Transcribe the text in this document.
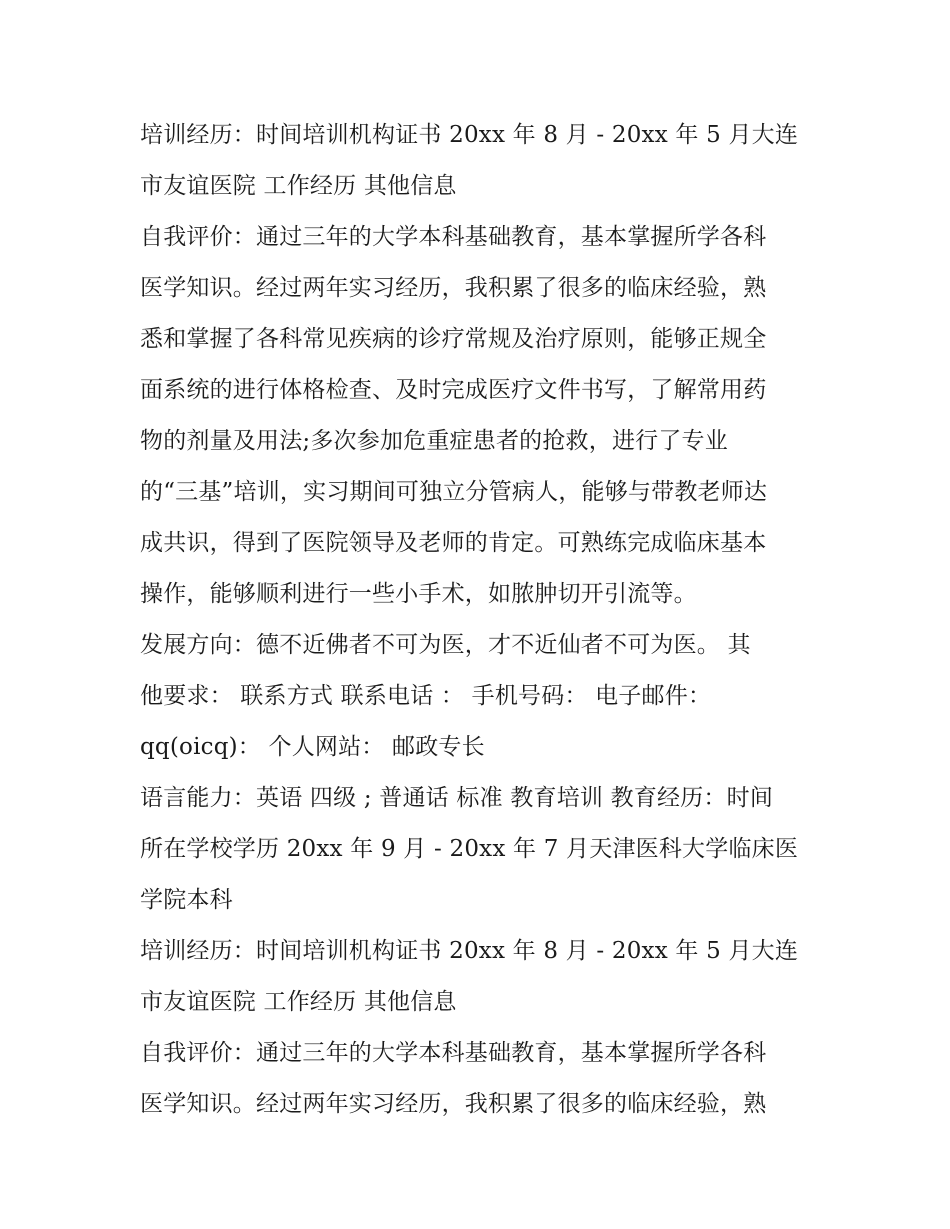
培训经历：时间培训机构证书 20xx 年 8 月 - 20xx 年 5 月大连
市友谊医院 工作经历 其他信息
自我评价：通过三年的大学本科基础教育，基本掌握所学各科
医学知识。经过两年实习经历，我积累了很多的临床经验，熟
悉和掌握了各科常见疾病的诊疗常规及治疗原则，能够正规全
面系统的进行体格检查、及时完成医疗文件书写，了解常用药
物的剂量及用法;多次参加危重症患者的抢救，进行了专业
的“三基”培训，实习期间可独立分管病人，能够与带教老师达
成共识，得到了医院领导及老师的肯定。可熟练完成临床基本
操作，能够顺利进行一些小手术，如脓肿切开引流等。
发展方向：德不近佛者不可为医，才不近仙者不可为医。 其
他要求： 联系方式 联系电话 ： 手机号码： 电子邮件：
qq(oicq)： 个人网站： 邮政专长
语言能力：英语 四级 ; 普通话 标准 教育培训 教育经历：时间
所在学校学历 20xx 年 9 月 - 20xx 年 7 月天津医科大学临床医
学院本科
培训经历：时间培训机构证书 20xx 年 8 月 - 20xx 年 5 月大连
市友谊医院 工作经历 其他信息
自我评价：通过三年的大学本科基础教育，基本掌握所学各科
医学知识。经过两年实习经历，我积累了很多的临床经验，熟
